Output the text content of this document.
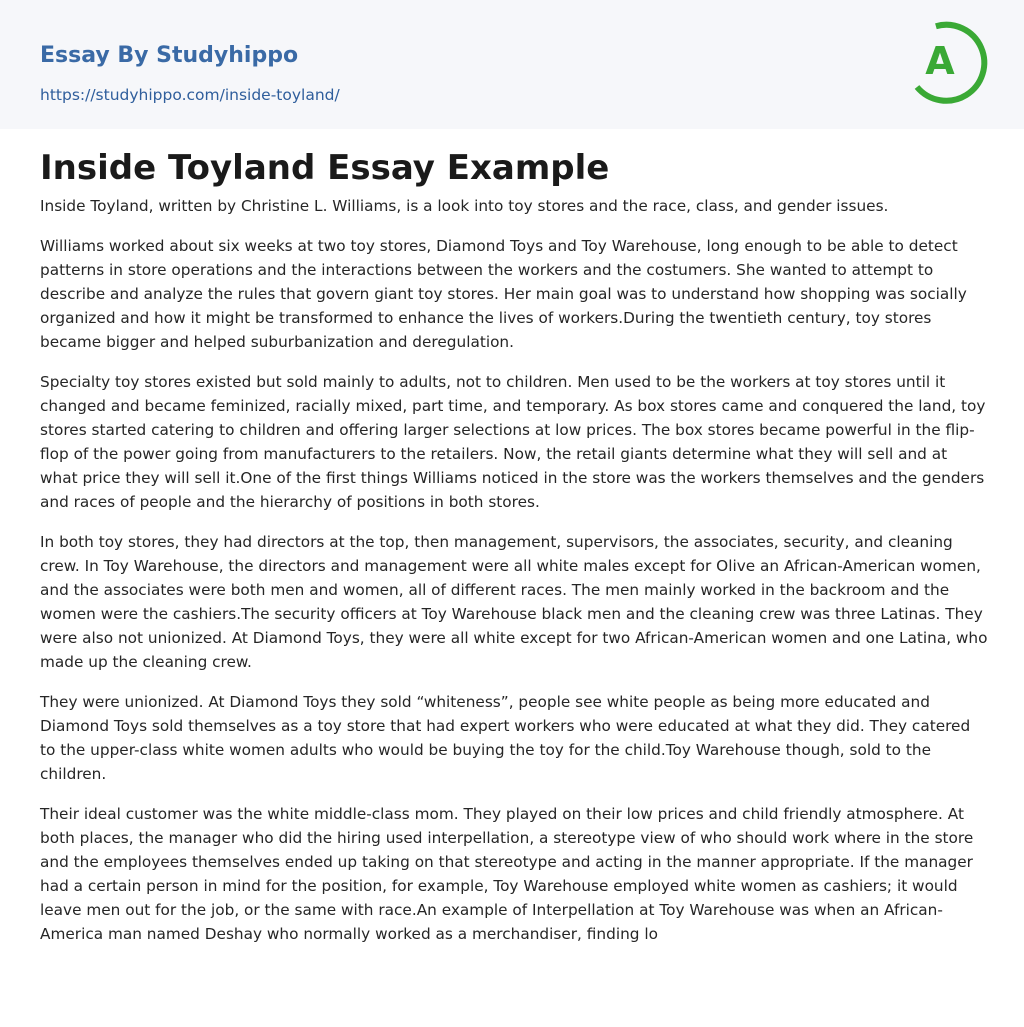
Essay By Studyhippo
https://studyhippo.com/inside-toyland/
A
Inside Toyland Essay Example

Inside Toyland, written by Christine L. Williams, is a look into toy stores and the race, class, and gender issues.

Williams worked about six weeks at two toy stores, Diamond Toys and Toy Warehouse, long enough to be able to detect patterns in store operations and the interactions between the workers and the costumers. She wanted to attempt to describe and analyze the rules that govern giant toy stores. Her main goal was to understand how shopping was socially organized and how it might be transformed to enhance the lives of workers.During the twentieth century, toy stores became bigger and helped suburbanization and deregulation.

Specialty toy stores existed but sold mainly to adults, not to children. Men used to be the workers at toy stores until it changed and became feminized, racially mixed, part time, and temporary. As box stores came and conquered the land, toy stores started catering to children and offering larger selections at low prices. The box stores became powerful in the flip-flop of the power going from manufacturers to the retailers. Now, the retail giants determine what they will sell and at what price they will sell it.One of the first things Williams noticed in the store was the workers themselves and the genders and races of people and the hierarchy of positions in both stores.

In both toy stores, they had directors at the top, then management, supervisors, the associates, security, and cleaning crew. In Toy Warehouse, the directors and management were all white males except for Olive an African-American women, and the associates were both men and women, all of different races. The men mainly worked in the backroom and the women were the cashiers.The security officers at Toy Warehouse black men and the cleaning crew was three Latinas. They were also not unionized. At Diamond Toys, they were all white except for two African-American women and one Latina, who made up the cleaning crew.

They were unionized. At Diamond Toys they sold “whiteness”, people see white people as being more educated and Diamond Toys sold themselves as a toy store that had expert workers who were educated at what they did. They catered to the upper-class white women adults who would be buying the toy for the child.Toy Warehouse though, sold to the children.

Their ideal customer was the white middle-class mom. They played on their low prices and child friendly atmosphere. At both places, the manager who did the hiring used interpellation, a stereotype view of who should work where in the store and the employees themselves ended up taking on that stereotype and acting in the manner appropriate. If the manager had a certain person in mind for the position, for example, Toy Warehouse employed white women as cashiers; it would leave men out for the job, or the same with race.An example of Interpellation at Toy Warehouse was when an African-America man named Deshay who normally worked as a merchandiser, finding lo
